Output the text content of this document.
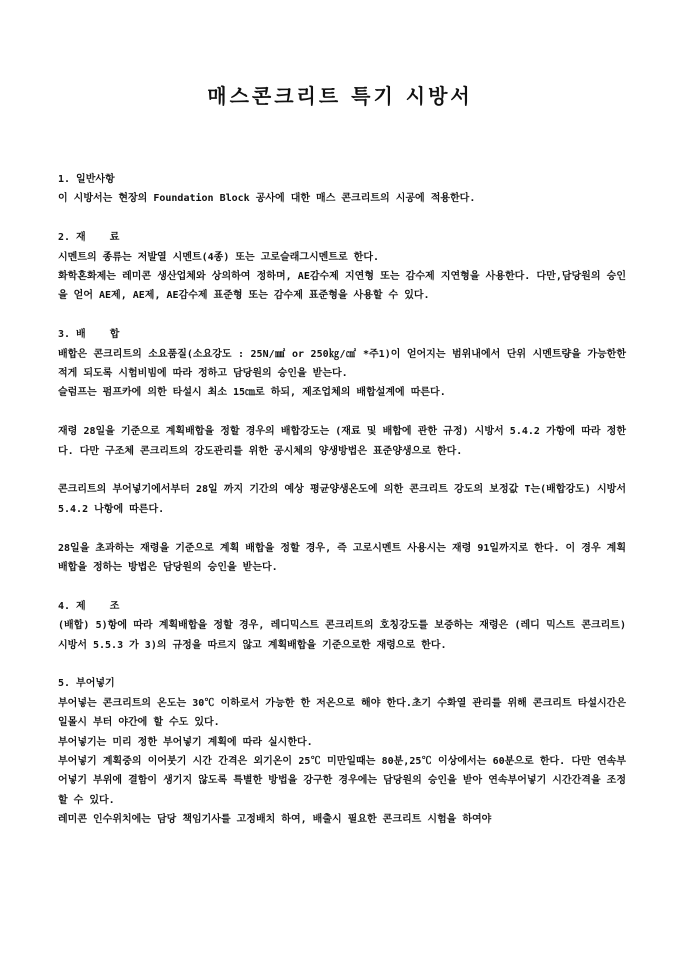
매스콘크리트 특기 시방서
1. 일반사항
이 시방서는 현장의 Foundation Block 공사에 대한 매스 콘크리트의 시공에 적용한다.
2. 재    료
시멘트의 종류는 저발열 시멘트(4종) 또는 고로슬래그시멘트로 한다.
화학혼화제는 레미콘 생산업체와 상의하여 정하며, AE감수제 지연형 또는 감수제 지연형을 사용한다. 다만,담당원의 승인을 얻어 AE제, AE제, AE감수제 표준형 또는 감수제 표준형을 사용할 수 있다.
3. 배    합
배합은 콘크리트의 소요품질(소요강도 : 25N/㎟ or 250㎏/㎠ *주1)이 얻어지는 범위내에서 단위 시멘트량을 가능한한 적게 되도록 시험비빔에 따라 정하고 담당원의 승인을 받는다.
슬럼프는 펌프카에 의한 타설시 최소 15㎝로 하되, 제조업체의 배합설계에 따른다.
재령 28일을 기준으로 계획배합을 정할 경우의 배합강도는 (재료 및 배합에 관한 규정) 시방서 5.4.2 가항에 따라 정한다. 다만 구조체 콘크리트의 강도관리를 위한 공시체의 양생방법은 표준양생으로 한다.
콘크리트의 부어넣기에서부터 28일 까지 기간의 예상 평균양생온도에 의한 콘크리트 강도의 보정값 T는(배합강도) 시방서 5.4.2 나항에 따른다.
28일을 초과하는 재령을 기준으로 계획 배합을 정할 경우, 즉 고로시멘트 사용시는 재령 91일까지로 한다. 이 경우 계획배합을 정하는 방법은 담당원의 승인을 받는다.
4. 제    조
(배합) 5)항에 따라 계획배합을 정할 경우, 레디믹스트 콘크리트의 호칭강도를 보증하는 재령은 (레디 믹스트 콘크리트) 시방서 5.5.3 가 3)의 규정을 따르지 않고 계획배합을 기준으로한 재령으로 한다.
5. 부어넣기
부어넣는 콘크리트의 온도는 30℃ 이하로서 가능한 한 저온으로 해야 한다.초기 수화열 관리를 위해 콘크리트 타설시간은 일몰시 부터 야간에 할 수도 있다.
부어넣기는 미리 정한 부어넣기 계획에 따라 실시한다.
부어넣기 계획중의 이어붓기 시간 간격은 외기온이 25℃ 미만일때는 80분,25℃ 이상에서는 60분으로 한다. 다만 연속부어넣기 부위에 결함이 생기지 않도록 특별한 방법을 강구한 경우에는 담당원의 승인을 받아 연속부어넣기 시간간격을 조정할 수 있다.
레미콘 인수위치에는 담당 책임기사를 고정배치 하여, 배출시 필요한 콘크리트 시험을 하여야
